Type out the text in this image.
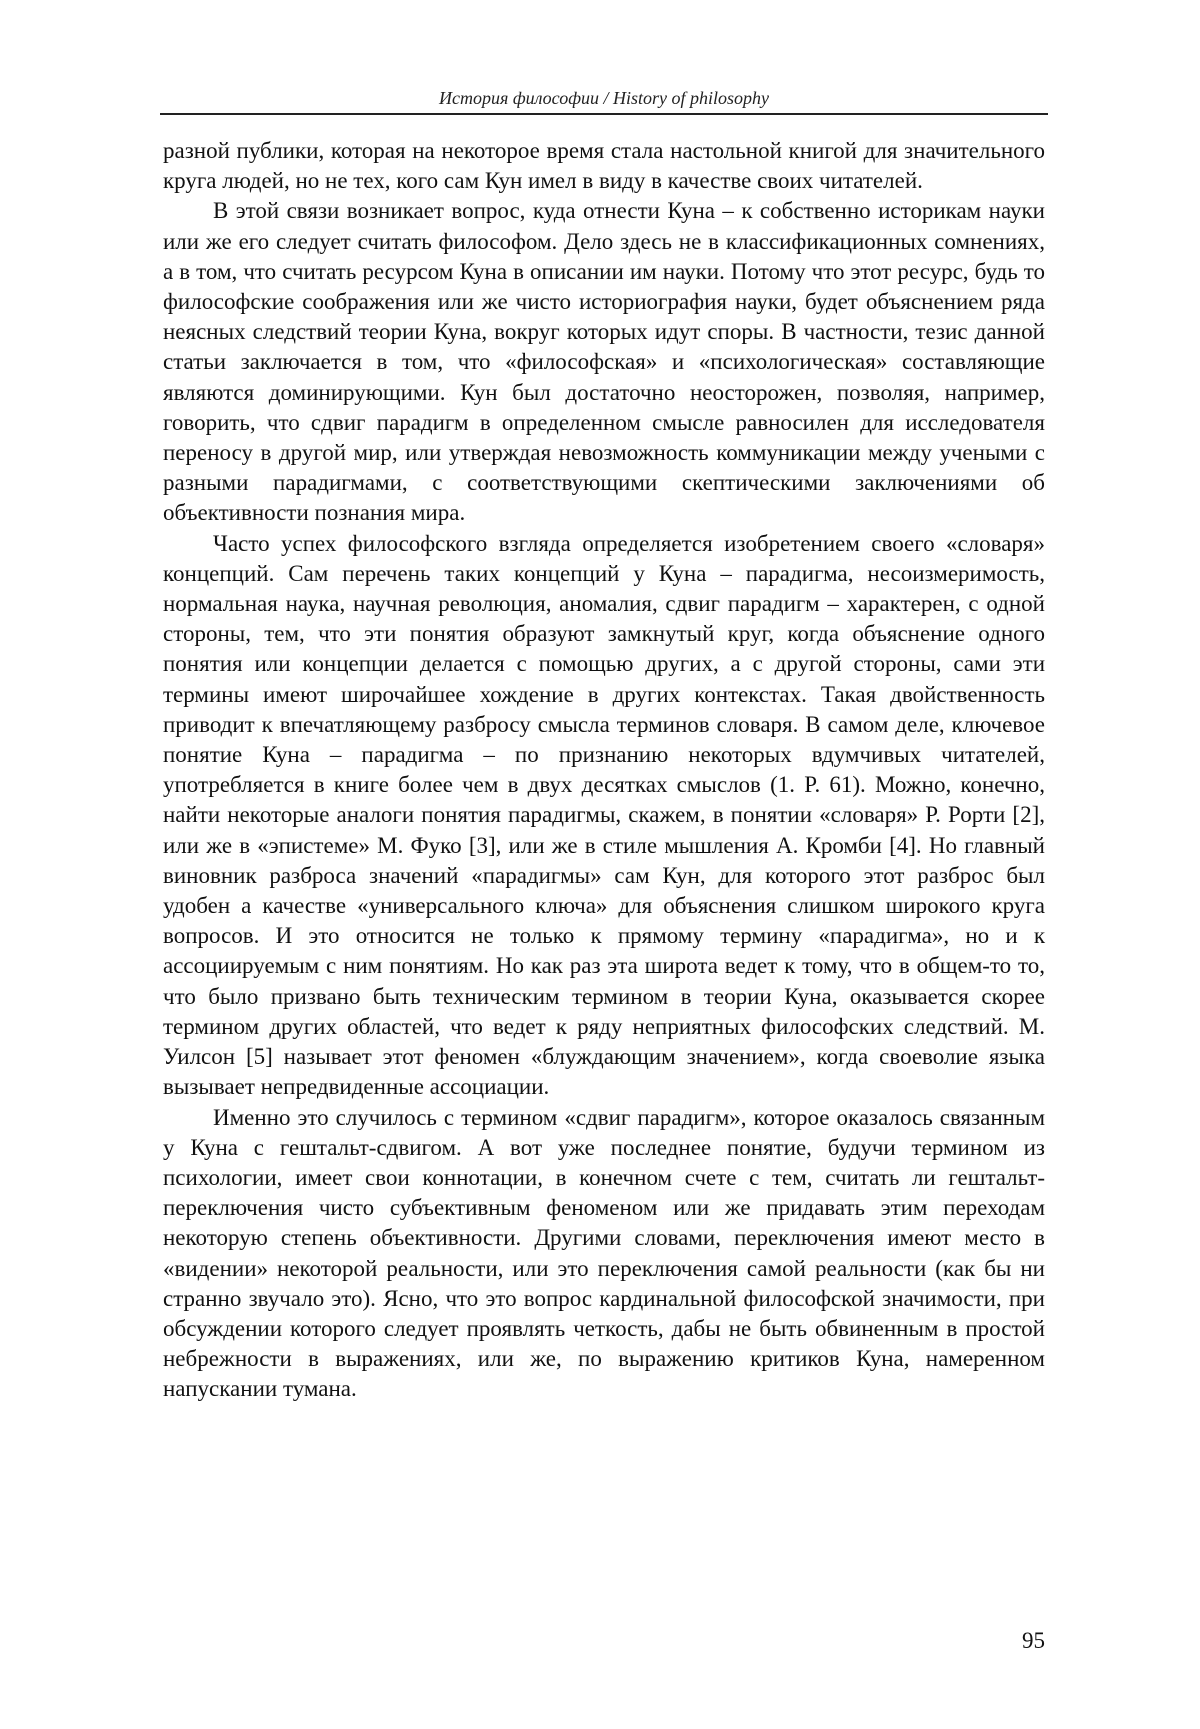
История философии / History of philosophy

разной публики, которая на некоторое время стала настольной книгой для значительного круга людей, но не тех, кого сам Кун имел в виду в качестве своих читателей.

В этой связи возникает вопрос, куда отнести Куна – к собственно историкам науки или же его следует считать философом. Дело здесь не в классификационных сомнениях, а в том, что считать ресурсом Куна в описании им науки. Потому что этот ресурс, будь то философские соображения или же чисто историография науки, будет объяснением ряда неясных следствий теории Куна, вокруг которых идут споры. В частности, тезис данной статьи заключается в том, что «философская» и «психологическая» составляющие являются доминирующими. Кун был достаточно неосторожен, позволяя, например, говорить, что сдвиг парадигм в определенном смысле равносилен для исследователя переносу в другой мир, или утверждая невозможность коммуникации между учеными с разными парадигмами, с соответствующими скептическими заключениями об объективности познания мира.

Часто успех философского взгляда определяется изобретением своего «словаря» концепций. Сам перечень таких концепций у Куна – парадигма, несоизмеримость, нормальная наука, научная революция, аномалия, сдвиг парадигм – характерен, с одной стороны, тем, что эти понятия образуют замкнутый круг, когда объяснение одного понятия или концепции делается с помощью других, а с другой стороны, сами эти термины имеют широчайшее хождение в других контекстах. Такая двойственность приводит к впечатляющему разбросу смысла терминов словаря. В самом деле, ключевое понятие Куна – парадигма – по признанию некоторых вдумчивых читателей, употребляется в книге более чем в двух десятках смыслов (1. P. 61). Можно, конечно, найти некоторые аналоги понятия парадигмы, скажем, в понятии «словаря» Р. Рорти [2], или же в «эпистеме» М. Фуко [3], или же в стиле мышления А. Кромби [4]. Но главный виновник разброса значений «парадигмы» сам Кун, для которого этот разброс был удобен а качестве «универсального ключа» для объяснения слишком широкого круга вопросов. И это относится не только к прямому термину «парадигма», но и к ассоциируемым с ним понятиям. Но как раз эта широта ведет к тому, что в общем-то то, что было призвано быть техническим термином в теории Куна, оказывается скорее термином других областей, что ведет к ряду неприятных философских следствий. М. Уилсон [5] называет этот феномен «блуждающим значением», когда своеволие языка вызывает непредвиденные ассоциации.

Именно это случилось с термином «сдвиг парадигм», которое оказалось связанным у Куна с гештальт-сдвигом. А вот уже последнее понятие, будучи термином из психологии, имеет свои коннотации, в конечном счете с тем, считать ли гештальт-переключения чисто субъективным феноменом или же придавать этим переходам некоторую степень объективности. Другими словами, переключения имеют место в «видении» некоторой реальности, или это переключения самой реальности (как бы ни странно звучало это). Ясно, что это вопрос кардинальной философской значимости, при обсуждении которого следует проявлять четкость, дабы не быть обвиненным в простой небрежности в выражениях, или же, по выражению критиков Куна, намеренном напускании тумана.

95
